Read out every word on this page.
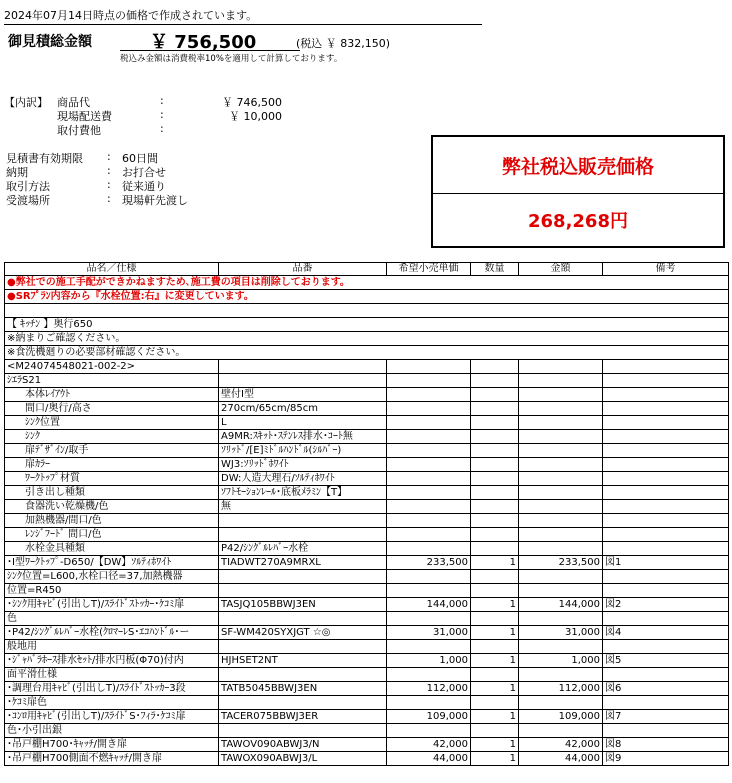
2024年07月14日時点の価格で作成されています。
御見積総金額	￥ 756,500	(税込 ￥ 832,150)
税込み金額は消費税率10%を適用して計算しております。
【内訳】 商品代	:	￥ 746,500
現場配送費	:	￥ 10,000
取付費他	:
見積書有効期限 : 60日間
納期	: お打合せ
取引方法	: 従来通り
受渡場所	: 現場軒先渡し
弊社税込販売価格
268,268円
品名／仕様	品番	希望小売単価	数量	金額	備考
●弊社での施工手配ができかねますため､施工費の項目は削除しております。					
●SRﾌﾟﾗﾝ内容から『水栓位置:右』に変更しています。					

【 ｷｯﾁﾝ 】奥行650					
※納まりご確認ください。					
※食洗機廻りの必要部材確認ください。					
<M24074548021-002-2>					
ｼｴﾗS21					
本体ﾚｲｱｳﾄ	壁付I型				
間口/奥行/高さ	270cm/65cm/85cm				
ｼﾝｸ位置	L				
ｼﾝｸ	A9MR:ｽｷｯﾄ･ｽﾃﾝﾚｽ排水･ｺｰﾄ無				
扉ﾃﾞｻﾞｲﾝ/取手	ｿﾘｯﾄﾞ/[E]ﾐﾄﾞﾙﾊﾝﾄﾞﾙ(ｼﾙﾊﾞｰ)				
扉ｶﾗｰ	WJ3:ｿﾘｯﾄﾞﾎﾜｲﾄ				
ﾜｰｸﾄｯﾌﾟ材質	DW:人造大理石/ｿﾙﾃｨﾎﾜｲﾄ				
引き出し種類	ｿﾌﾄﾓｰｼｮﾝﾚｰﾙ･底板ﾒﾗﾐﾝ【T】				
食器洗い乾燥機/色	無				
加熱機器/間口/色					
ﾚﾝｼﾞﾌｰﾄﾞ 間口/色					
水栓金具種類	P42/ｼﾝｸﾞﾙﾚﾊﾞｰ水栓				
･I型ﾜｰｸﾄｯﾌﾟ-D650/【DW】ｿﾙﾃｨﾎﾜｲﾄ	TIADWT270A9MRXL	233,500	1	233,500	図1
ｼﾝｸ位置=L600,水栓口径=37,加熱機器					
位置=R450					
･ｼﾝｸ用ｷｬﾋﾞ(引出しT)/ｽﾗｲﾄﾞｽﾄｯｶｰ･ｹｺﾐ扉	TASJQ105BBWJ3EN	144,000	1	144,000	図2
色					
･P42/ｼﾝｸﾞﾙﾚﾊﾞｰ水栓(ｸﾛﾏｰﾚS･ｴｺﾊﾝﾄﾞﾙ･ー	SF-WM420SYXJGT ☆◎	31,000	1	31,000	図4
般地用					
･ｼﾞｬﾊﾞﾗﾎｰｽ排水ｾｯﾄ/排水円板(Φ70)付内	HJHSET2NT	1,000	1	1,000	図5
面平滑仕様					
･調理台用ｷｬﾋﾞ(引出しT)/ｽﾗｲﾄﾞｽﾄｯｶｰ3段	TATB5045BBWJ3EN	112,000	1	112,000	図6
･ｹｺﾐ扉色					
･ｺﾝﾛ用ｷｬﾋﾞ(引出しT)/ｽﾗｲﾄﾞS･ﾌｨﾗ･ｹｺﾐ扉	TACER075BBWJ3ER	109,000	1	109,000	図7
色･小引出銀					
･吊戸棚H700･ｷｬｯﾁ/開き扉	TAWOV090ABWJ3/N	42,000	1	42,000	図8
･吊戸棚H700側面不燃ｷｬｯﾁ/開き扉	TAWOX090ABWJ3/L	44,000	1	44,000	図9
